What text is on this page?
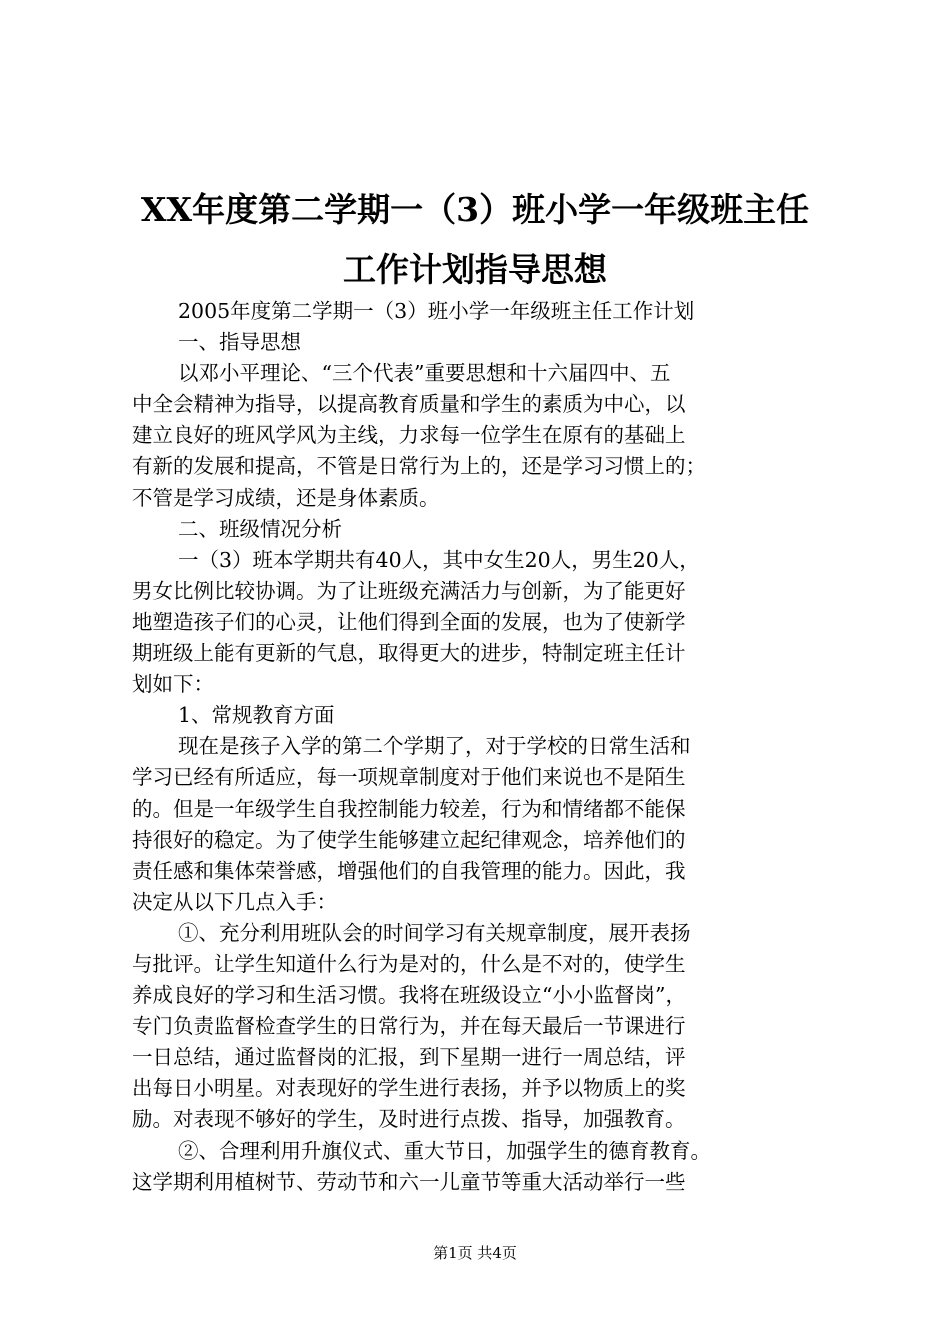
XX年度第二学期一（3）班小学一年级班主任
工作计划指导思想
2005年度第二学期一（3）班小学一年级班主任工作计划
一、指导思想
以邓小平理论、“三个代表”重要思想和十六届四中、五
中全会精神为指导，以提高教育质量和学生的素质为中心，以
建立良好的班风学风为主线，力求每一位学生在原有的基础上
有新的发展和提高，不管是日常行为上的，还是学习习惯上的；
不管是学习成绩，还是身体素质。
二、班级情况分析
一（3）班本学期共有40人，其中女生20人，男生20人，
男女比例比较协调。为了让班级充满活力与创新，为了能更好
地塑造孩子们的心灵，让他们得到全面的发展，也为了使新学
期班级上能有更新的气息，取得更大的进步，特制定班主任计
划如下：
1、常规教育方面
现在是孩子入学的第二个学期了，对于学校的日常生活和
学习已经有所适应，每一项规章制度对于他们来说也不是陌生
的。但是一年级学生自我控制能力较差，行为和情绪都不能保
持很好的稳定。为了使学生能够建立起纪律观念，培养他们的
责任感和集体荣誉感，增强他们的自我管理的能力。因此，我
决定从以下几点入手：
①、充分利用班队会的时间学习有关规章制度，展开表扬
与批评。让学生知道什么行为是对的，什么是不对的，使学生
养成良好的学习和生活习惯。我将在班级设立“小小监督岗”，
专门负责监督检查学生的日常行为，并在每天最后一节课进行
一日总结，通过监督岗的汇报，到下星期一进行一周总结，评
出每日小明星。对表现好的学生进行表扬，并予以物质上的奖
励。对表现不够好的学生，及时进行点拨、指导，加强教育。
②、合理利用升旗仪式、重大节日，加强学生的德育教育。
这学期利用植树节、劳动节和六一儿童节等重大活动举行一些
第1页 共4页
